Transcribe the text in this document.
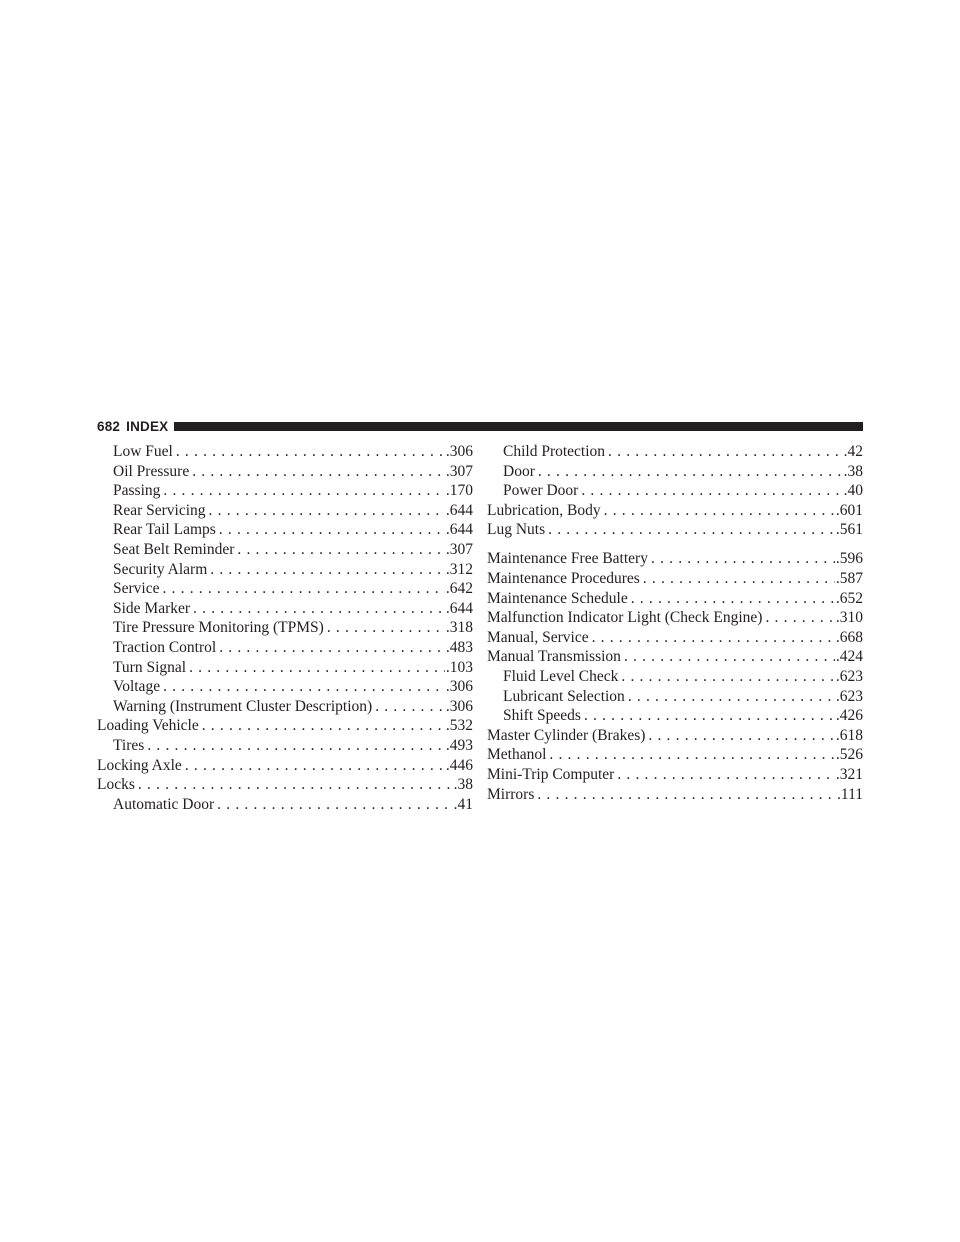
682 INDEX
Low Fuel .....	.306
Oil Pressure .....	.307
Passing .....	.170
Rear Servicing .....	.644
Rear Tail Lamps .....	.644
Seat Belt Reminder .....	.307
Security Alarm .....	.312
Service .....	.642
Side Marker .....	.644
Tire Pressure Monitoring (TPMS) .....	.318
Traction Control .....	.483
Turn Signal .....	.103
Voltage .....	.306
Warning (Instrument Cluster Description) .....	.306
Loading Vehicle .....	.532
Tires .....	.493
Locking Axle .....	.446
Locks .....	.38
Automatic Door .....	.41
Child Protection .....	.42
Door .....	.38
Power Door .....	.40
Lubrication, Body .....	.601
Lug Nuts .....	.561
Maintenance Free Battery .....	.596
Maintenance Procedures .....	.587
Maintenance Schedule .....	.652
Malfunction Indicator Light (Check Engine) .....	.310
Manual, Service .....	.668
Manual Transmission .....	.424
Fluid Level Check .....	.623
Lubricant Selection .....	.623
Shift Speeds .....	.426
Master Cylinder (Brakes) .....	.618
Methanol .....	.526
Mini-Trip Computer .....	.321
Mirrors .....	.111
